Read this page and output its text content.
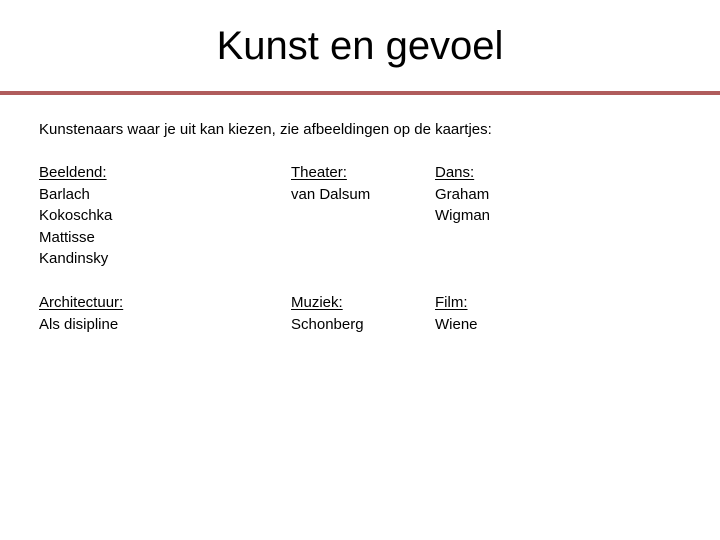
Kunst en gevoel

Kunstenaars waar je uit kan kiezen, zie afbeeldingen op de kaartjes:

Beeldend:
Barlach
Kokoschka
Mattisse
Kandinsky
Theater:
van Dalsum
Dans:
Graham
Wigman
Architectuur:
Als disipline
Muziek:
Schonberg
Film:
Wiene
